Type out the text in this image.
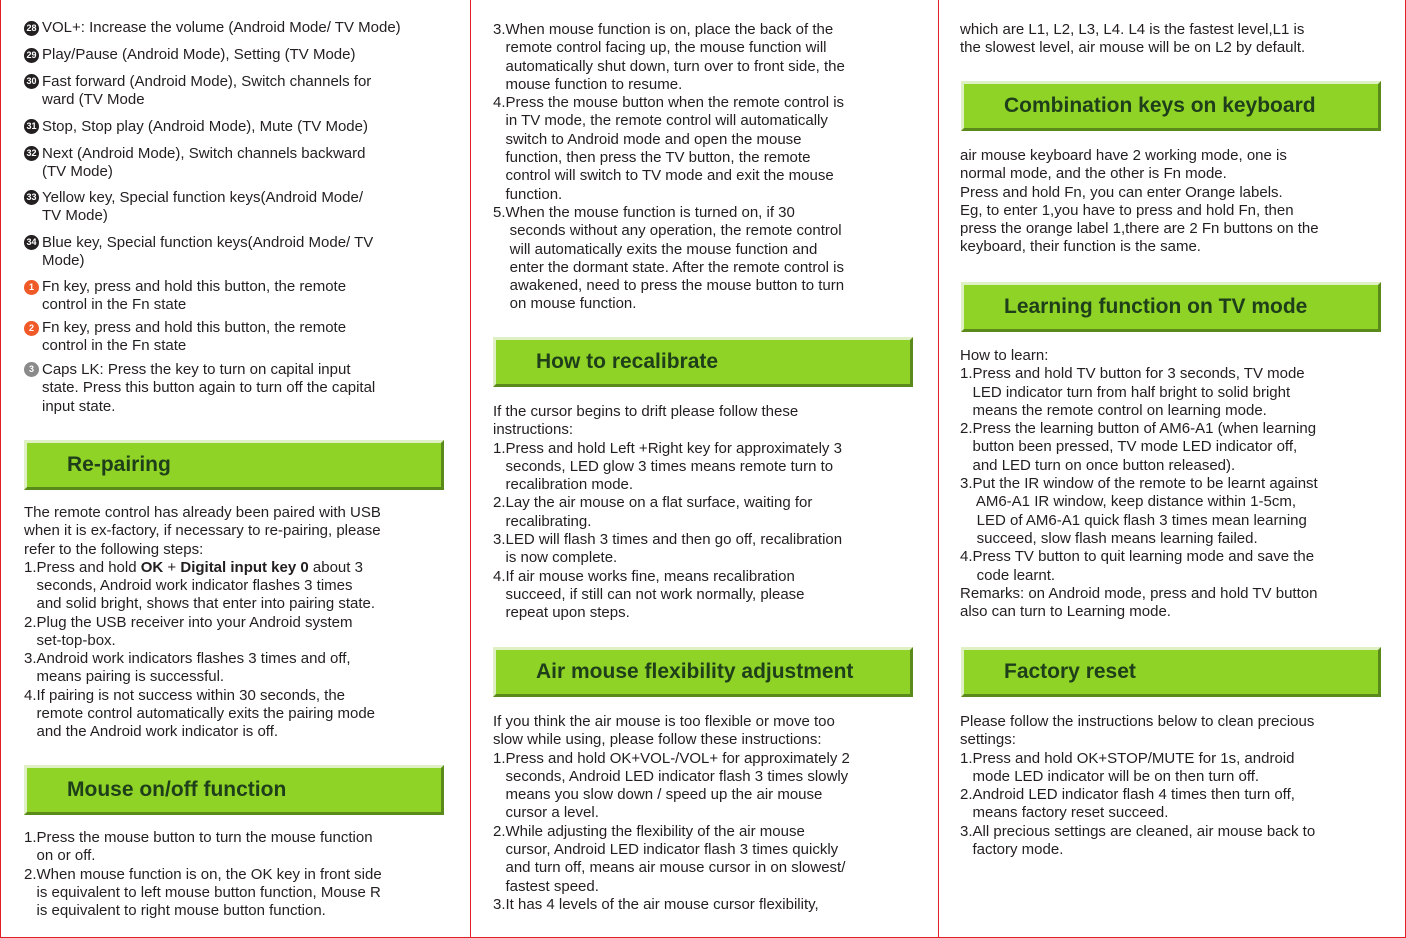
28 VOL+: Increase the volume (Android Mode/ TV Mode)
29 Play/Pause (Android Mode), Setting (TV Mode)
30 Fast forward (Android Mode), Switch channels for
ward (TV Mode
31 Stop, Stop play (Android Mode), Mute (TV Mode)
32 Next (Android Mode), Switch channels backward
(TV Mode)
33 Yellow key, Special function keys(Android Mode/
TV Mode)
34 Blue key, Special function keys(Android Mode/ TV
Mode)
1 Fn key, press and hold this button, the remote
control in the Fn state
2 Fn key, press and hold this button, the remote
control in the Fn state
3 Caps LK: Press the key to turn on capital input
state. Press this button again to turn off the capital
input state.
Re-pairing
The remote control has already been paired with USB
when it is ex-factory, if necessary to re-pairing, please
refer to the following steps:
1.Press and hold OK + Digital input key 0 about 3
seconds, Android work indicator flashes 3 times
and solid bright, shows that enter into pairing state.
2.Plug the USB receiver into your Android system
set-top-box.
3.Android work indicators flashes 3 times and off,
means pairing is successful.
4.If pairing is not success within 30 seconds, the
remote control automatically exits the pairing mode
and the Android work indicator is off.
Mouse on/off function
1.Press the mouse button to turn the mouse function
on or off.
2.When mouse function is on, the OK key in front side
is equivalent to left mouse button function, Mouse R
is equivalent to right mouse button function.
3.When mouse function is on, place the back of the
remote control facing up, the mouse function will
automatically shut down, turn over to front side, the
mouse function to resume.
4.Press the mouse button when the remote control is
in TV mode, the remote control will automatically
switch to Android mode and open the mouse
function, then press the TV button, the remote
control will switch to TV mode and exit the mouse
function.
5.When the mouse function is turned on, if 30
seconds without any operation, the remote control
will automatically exits the mouse function and
enter the dormant state. After the remote control is
awakened, need to press the mouse button to turn
on mouse function.
How to recalibrate
If the cursor begins to drift please follow these
instructions:
1.Press and hold Left +Right key for approximately 3
seconds, LED glow 3 times means remote turn to
recalibration mode.
2.Lay the air mouse on a flat surface, waiting for
recalibrating.
3.LED will flash 3 times and then go off, recalibration
is now complete.
4.If air mouse works fine, means recalibration
succeed, if still can not work normally, please
repeat upon steps.
Air mouse flexibility adjustment
If you think the air mouse is too flexible or move too
slow while using, please follow these instructions:
1.Press and hold OK+VOL-/VOL+ for approximately 2
seconds, Android LED indicator flash 3 times slowly
means you slow down / speed up the air mouse
cursor a level.
2.While adjusting the flexibility of the air mouse
cursor, Android LED indicator flash 3 times quickly
and turn off, means air mouse cursor in on slowest/
fastest speed.
3.It has 4 levels of the air mouse cursor flexibility,
which are L1, L2, L3, L4. L4 is the fastest level,L1 is
the slowest level, air mouse will be on L2 by default.
Combination keys on keyboard
air mouse keyboard have 2 working mode, one is
normal mode, and the other is Fn mode.
Press and hold Fn, you can enter Orange labels.
Eg, to enter 1,you have to press and hold Fn, then
press the orange label 1,there are 2 Fn buttons on the
keyboard, their function is the same.
Learning function on TV mode
How to learn:
1.Press and hold TV button for 3 seconds, TV mode
LED indicator turn from half bright to solid bright
means the remote control on learning mode.
2.Press the learning button of AM6-A1 (when learning
button been pressed, TV mode LED indicator off,
and LED turn on once button released).
3.Put the IR window of the remote to be learnt against
AM6-A1 IR window, keep distance within 1-5cm,
LED of AM6-A1 quick flash 3 times mean learning
succeed, slow flash means learning failed.
4.Press TV button to quit learning mode and save the
code learnt.
Remarks: on Android mode, press and hold TV button
also can turn to Learning mode.
Factory reset
Please follow the instructions below to clean precious
settings:
1.Press and hold OK+STOP/MUTE for 1s, android
mode LED indicator will be on then turn off.
2.Android LED indicator flash 4 times then turn off,
means factory reset succeed.
3.All precious settings are cleaned, air mouse back to
factory mode.
